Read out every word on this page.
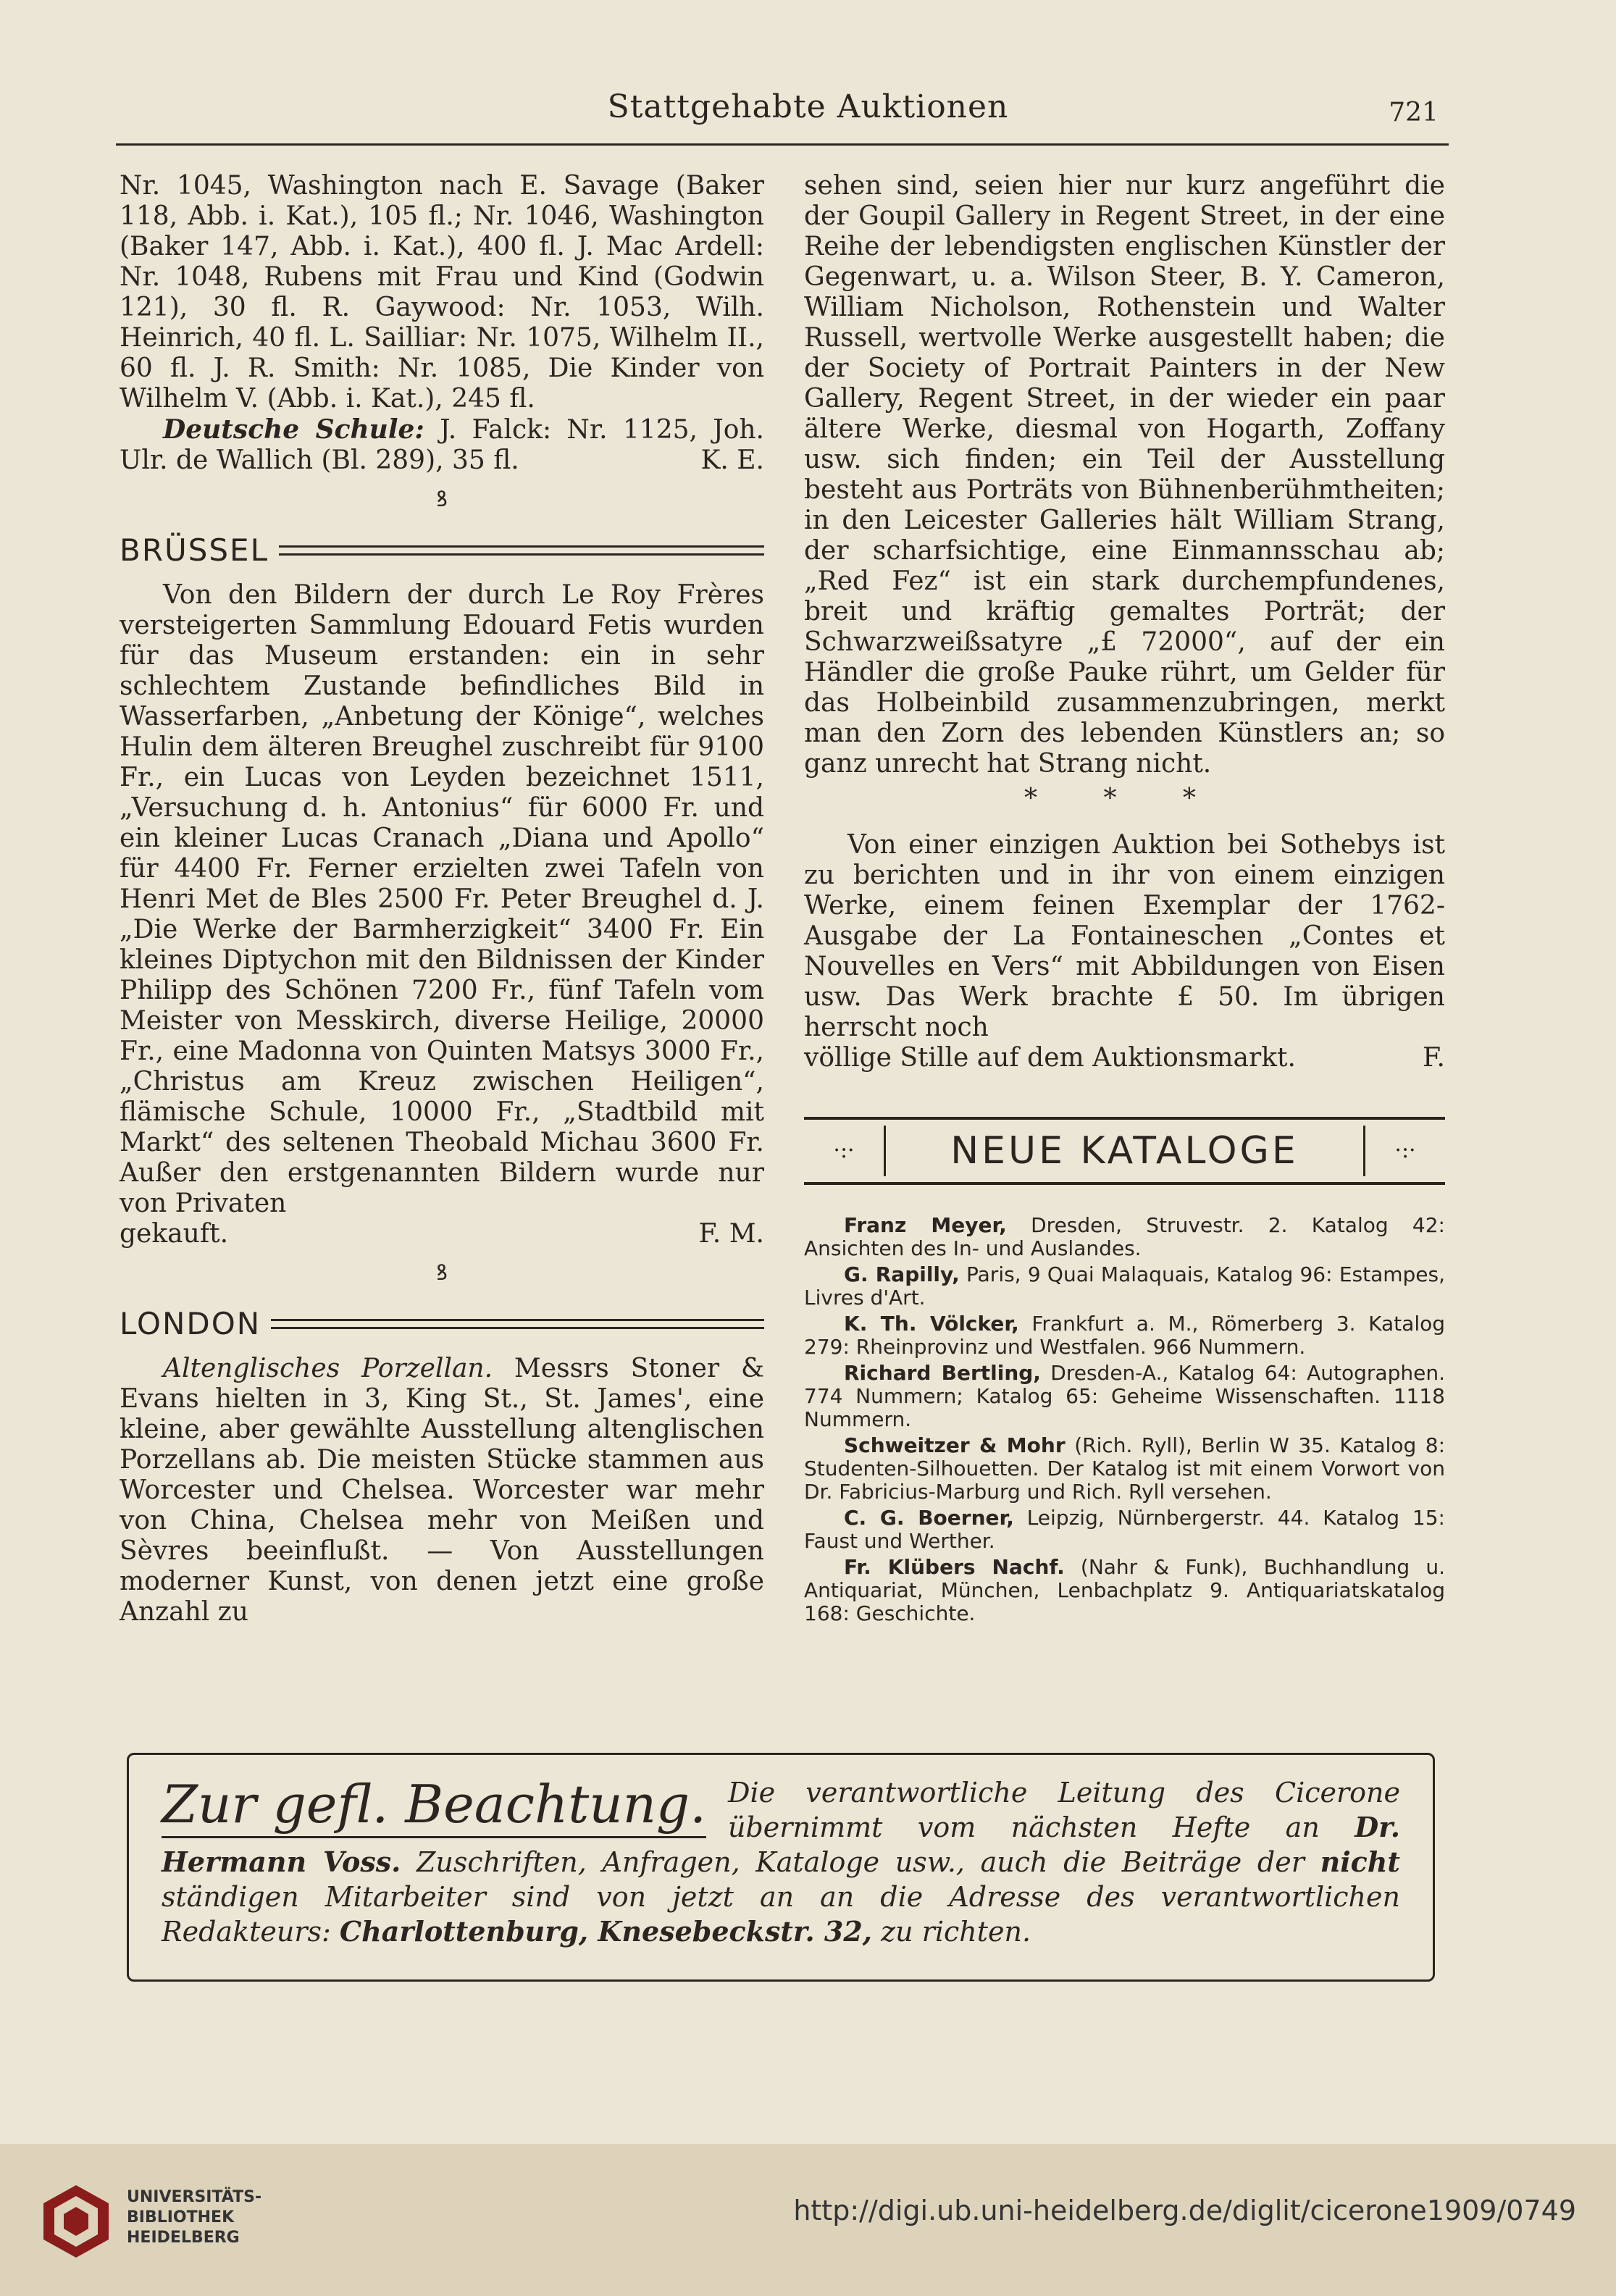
Stattgehabte Auktionen	721

Nr. 1045, Washington nach E. Savage (Baker 118, Abb. i. Kat.), 105 fl.; Nr. 1046, Washington (Baker 147, Abb. i. Kat.), 400 fl. J. Mac Ardell: Nr. 1048, Rubens mit Frau und Kind (Godwin 121), 30 fl. R. Gaywood: Nr. 1053, Wilh. Heinrich, 40 fl. L. Sailliar: Nr. 1075, Wilhelm II., 60 fl. J. R. Smith: Nr. 1085, Die Kinder von Wilhelm V. (Abb. i. Kat.), 245 fl.

Deutsche Schule: J. Falck: Nr. 1125, Joh. Ulr. de Wallich (Bl. 289), 35 fl.	K. E.

ꝸ
BRÜSSEL

Von den Bildern der durch Le Roy Frères versteigerten Sammlung Edouard Fetis wurden für das Museum erstanden: ein in sehr schlechtem Zustande befindliches Bild in Wasserfarben, „Anbetung der Könige“, welches Hulin dem älteren Breughel zuschreibt für 9100 Fr., ein Lucas von Leyden bezeichnet 1511, „Versuchung d. h. Antonius“ für 6000 Fr. und ein kleiner Lucas Cranach „Diana und Apollo“ für 4400 Fr. Ferner erzielten zwei Tafeln von Henri Met de Bles 2500 Fr. Peter Breughel d. J. „Die Werke der Barmherzigkeit“ 3400 Fr. Ein kleines Diptychon mit den Bildnissen der Kinder Philipp des Schönen 7200 Fr., fünf Tafeln vom Meister von Messkirch, diverse Heilige, 20000 Fr., eine Madonna von Quinten Matsys 3000 Fr., „Christus am Kreuz zwischen Heiligen“, flämische Schule, 10000 Fr., „Stadtbild mit Markt“ des seltenen Theobald Michau 3600 Fr. Außer den erstgenannten Bildern wurde nur von Privaten

gekauft.	F. M.
ꝸ
LONDON

Altenglisches Porzellan. Messrs Stoner & Evans hielten in 3, King St., St. James', eine kleine, aber gewählte Ausstellung altenglischen Porzellans ab. Die meisten Stücke stammen aus Worcester und Chelsea. Worcester war mehr von China, Chelsea mehr von Meißen und Sèvres beeinflußt. — Von Ausstellungen moderner Kunst, von denen jetzt eine große Anzahl zu

sehen sind, seien hier nur kurz angeführt die der Goupil Gallery in Regent Street, in der eine Reihe der lebendigsten englischen Künstler der Gegenwart, u. a. Wilson Steer, B. Y. Cameron, William Nicholson, Rothenstein und Walter Russell, wertvolle Werke ausgestellt haben; die der Society of Portrait Painters in der New Gallery, Regent Street, in der wieder ein paar ältere Werke, diesmal von Hogarth, Zoffany usw. sich finden; ein Teil der Ausstellung besteht aus Porträts von Bühnenberühmtheiten; in den Leicester Galleries hält William Strang, der scharfsichtige, eine Einmannsschau ab; „Red Fez“ ist ein stark durchempfundenes, breit und kräftig gemaltes Porträt; der Schwarzweißsatyre „£ 72000“, auf der ein Händler die große Pauke rührt, um Gelder für das Holbeinbild zusammenzubringen, merkt man den Zorn des lebenden Künstlers an; so ganz unrecht hat Strang nicht.

* * *

Von einer einzigen Auktion bei Sothebys ist zu berichten und in ihr von einem einzigen Werke, einem feinen Exemplar der 1762-Ausgabe der La Fontaineschen „Contes et Nouvelles en Vers“ mit Abbildungen von Eisen usw. Das Werk brachte £ 50. Im übrigen herrscht noch

völlige Stille auf dem Auktionsmarkt.	F.
·:·	NEUE KATALOGE	·:·

Franz Meyer, Dresden, Struvestr. 2. Katalog 42: Ansichten des In- und Auslandes.

G. Rapilly, Paris, 9 Quai Malaquais, Katalog 96: Estampes, Livres d'Art.

K. Th. Völcker, Frankfurt a. M., Römerberg 3. Katalog 279: Rheinprovinz und Westfalen. 966 Nummern.

Richard Bertling, Dresden-A., Katalog 64: Autographen. 774 Nummern; Katalog 65: Geheime Wissenschaften. 1118 Nummern.

Schweitzer & Mohr (Rich. Ryll), Berlin W 35. Katalog 8: Studenten-Silhouetten. Der Katalog ist mit einem Vorwort von Dr. Fabricius-Marburg und Rich. Ryll versehen.

C. G. Boerner, Leipzig, Nürnbergerstr. 44. Katalog 15: Faust und Werther.

Fr. Klübers Nachf. (Nahr & Funk), Buchhandlung u. Antiquariat, München, Lenbachplatz 9. Antiquariatskatalog 168: Geschichte.

Zur gefl. Beachtung. Die verantwortliche Leitung des Cicerone übernimmt vom nächsten Hefte an Dr. Hermann Voss. Zuschriften, Anfragen, Kataloge usw., auch die Beiträge der nicht ständigen Mitarbeiter sind von jetzt an an die Adresse des verantwortlichen Redakteurs: Charlottenburg, Knesebeckstr. 32, zu richten.
UNIVERSITÄTS-
BIBLIOTHEK
HEIDELBERG
http://digi.ub.uni-heidelberg.de/diglit/cicerone1909/0749
